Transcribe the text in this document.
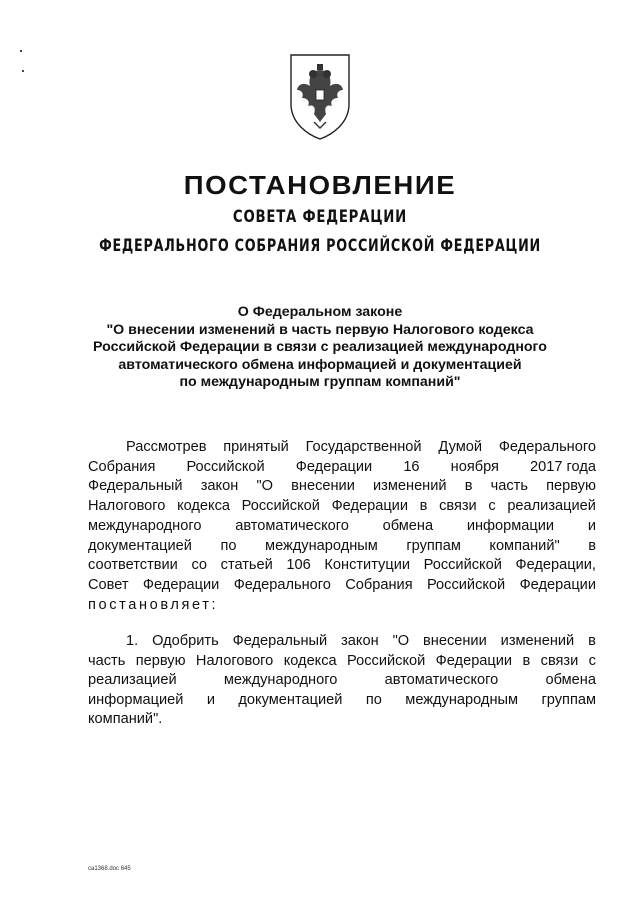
ПОСТАНОВЛЕНИЕ
СОВЕТА ФЕДЕРАЦИИ
ФЕДЕРАЛЬНОГО СОБРАНИЯ РОССИЙСКОЙ ФЕДЕРАЦИИ
О Федеральном законе
"О внесении изменений в часть первую Налогового кодекса
Российской Федерации в связи с реализацией международного
автоматического обмена информацией и документацией
по международным группам компаний"
Рассмотрев принятый Государственной Думой Федерального
Собрания Российской Федерации 16 ноября 2017 года
Федеральный закон "О внесении изменений в часть первую
Налогового кодекса Российской Федерации в связи с реализацией
международного автоматического обмена информации и
документацией по международным группам компаний" в
соответствии со статьей 106 Конституции Российской Федерации,
Совет Федерации Федерального Собрания Российской Федерации
постановляет:
1. Одобрить Федеральный закон "О внесении изменений в
часть первую Налогового кодекса Российской Федерации в связи с
реализацией	международного	автоматического	обмена
информацией и документацией по международным группам
компаний".
ca1368.doc 645
